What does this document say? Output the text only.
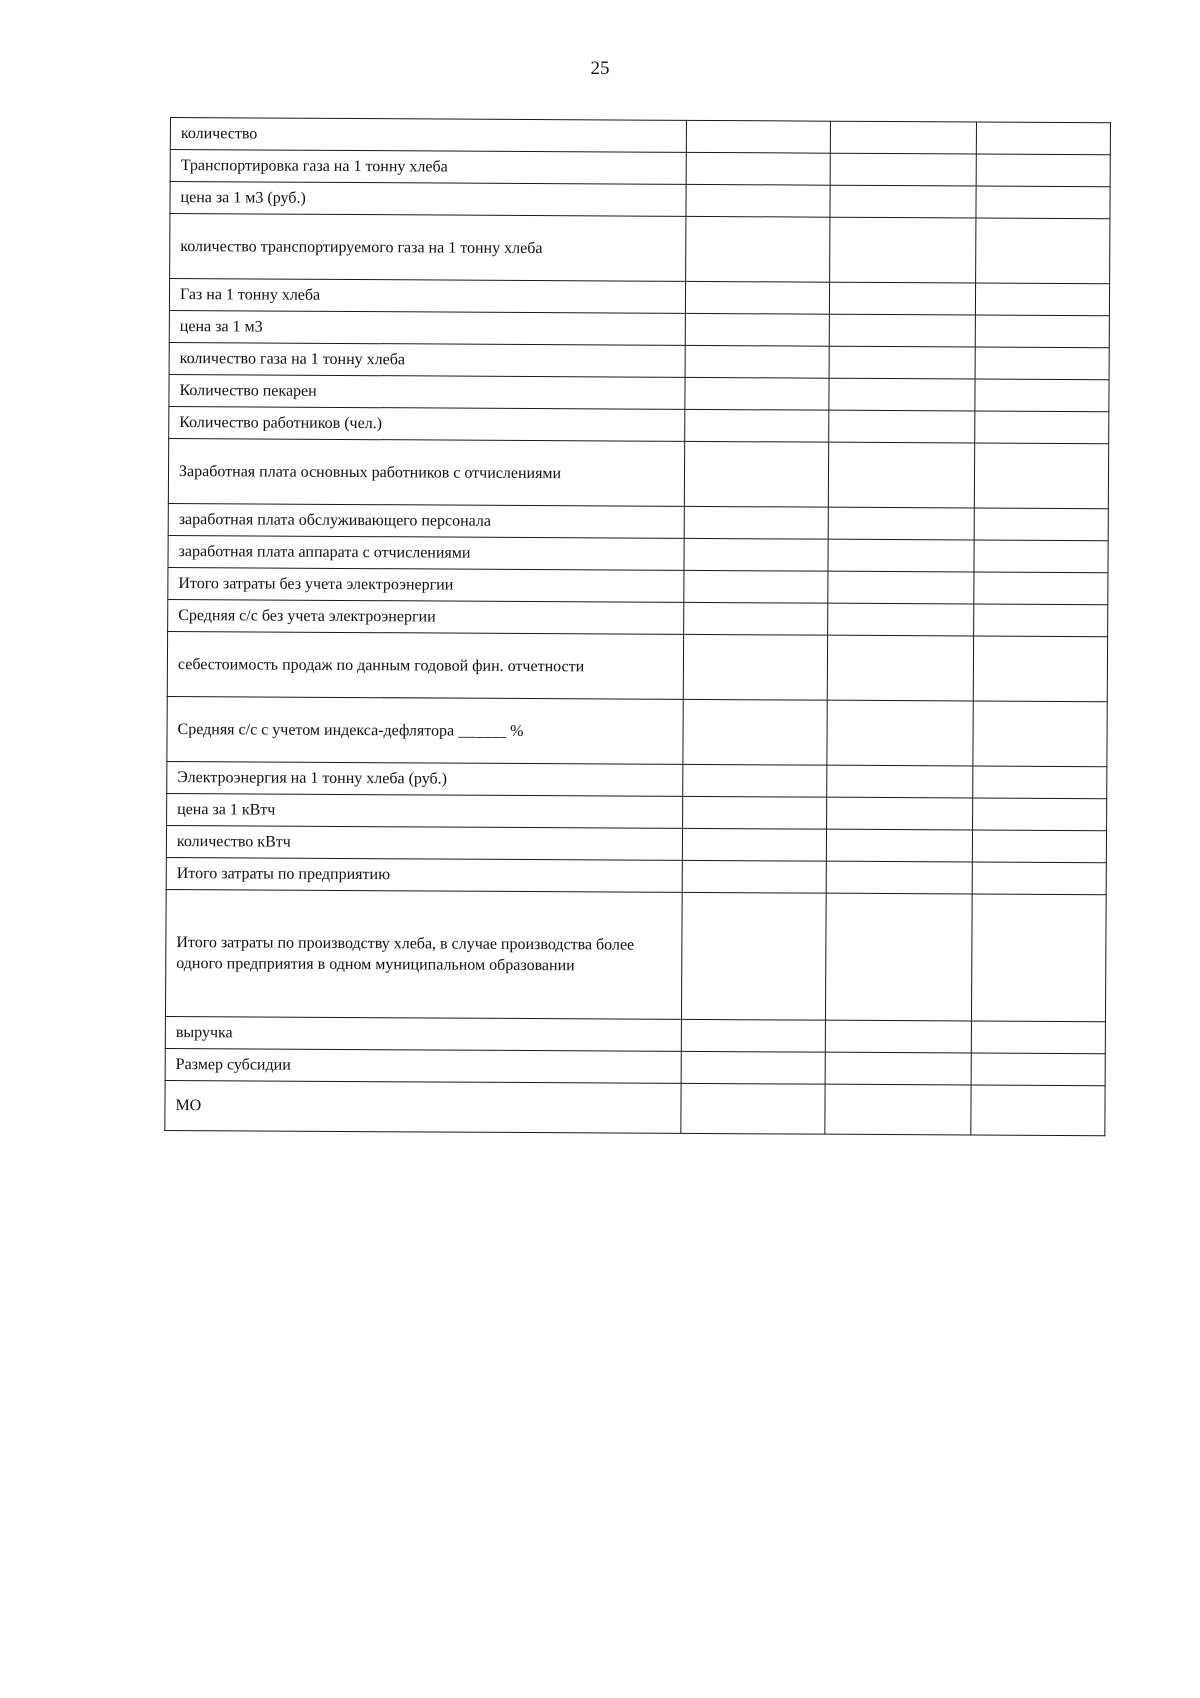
25
количество			
Транспортировка газа на 1 тонну хлеба			
цена за 1 м3 (руб.)			
количество транспортируемого газа на 1 тонну хлеба			
Газ на 1 тонну хлеба			
цена за 1 м3			
количество газа на 1 тонну хлеба			
Количество пекарен			
Количество работников (чел.)			
Заработная плата основных работников с отчислениями			
заработная плата обслуживающего персонала			
заработная плата аппарата с отчислениями			
Итого затраты без учета электроэнергии			
Средняя с/с без учета электроэнергии			
себестоимость продаж по данным годовой фин. отчетности			
Средняя с/с с учетом индекса-дефлятора ______ %			
Электроэнергия на 1 тонну хлеба (руб.)			
цена за 1 кВтч			
количество кВтч			
Итого затраты по предприятию			

Итого затраты по производству хлеба, в случае производства более одного предприятия в одном муниципальном образовании			

выручка			
Размер субсидии			
МО			
